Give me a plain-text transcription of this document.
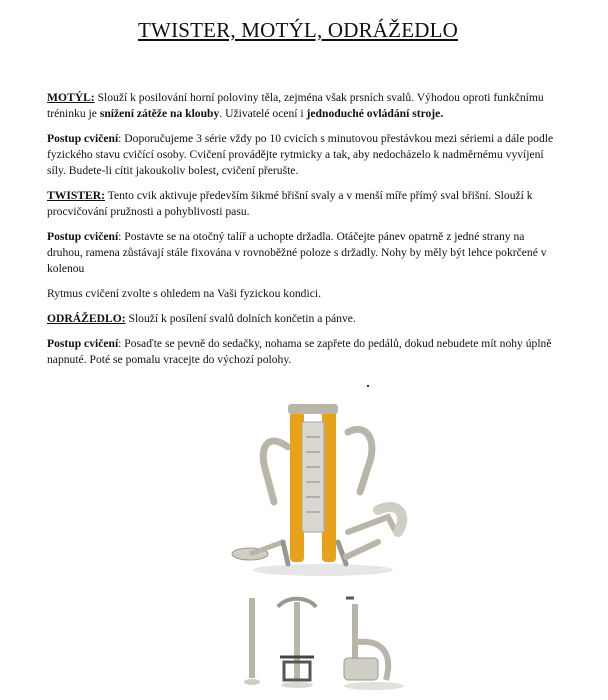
TWISTER, MOTÝL, ODRÁŽEDLO

MOTÝL: Slouží k posilování horní poloviny těla, zejména však prsních svalů. Výhodou oproti funkčnímu tréninku je snížení zátěže na klouby. Uživatelé ocení i jednoduché ovládání stroje.

Postup cvičení: Doporučujeme 3 série vždy po 10 cvicích s minutovou přestávkou mezi sériemi a dále podle fyzického stavu cvičící osoby. Cvičení provádějte rytmicky a tak, aby nedocházelo k nadměrnému vyvíjení síly. Budete-li cítit jakoukoliv bolest, cvičení přerušte.

TWISTER: Tento cvik aktivuje především šikmé břišní svaly a v menší míře přímý sval břišní. Slouží k procvičování pružnosti a pohyblivosti pasu.

Postup cvičení: Postavte se na otočný talíř a uchopte držadla. Otáčejte pánev opatrně z jedné strany na druhou, ramena zůstávají stále fixována v rovnoběžné poloze s držadly. Nohy by měly být lehce pokrčené v kolenou

Rytmus cvičení zvolte s ohledem na Vaši fyzickou kondici.

ODRÁŽEDLO: Slouží k posílení svalů dolních končetin a pánve.

Postup cvičení: Posaďte se pevně do sedačky, nohama se zapřete do pedálů, dokud nebudete mít nohy úplně napnuté. Poté se pomalu vracejte do výchozí polohy.
